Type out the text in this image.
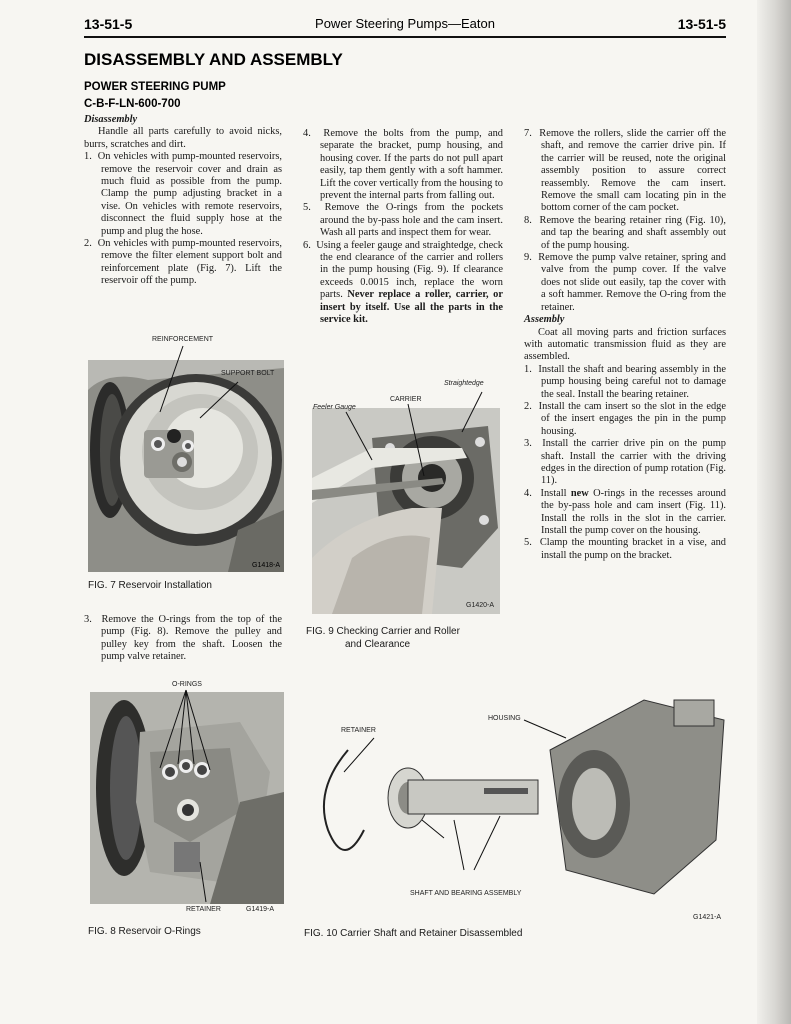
13-51-5	Power Steering Pumps—Eaton	13-51-5
DISASSEMBLY AND ASSEMBLY
POWER STEERING PUMP
C-B-F-LN-600-700

Disassembly

Handle all parts carefully to avoid nicks, burrs, scratches and dirt.

1.  On vehicles with pump-mounted reservoirs, remove the reservoir cover and drain as much fluid as possible from the pump. Clamp the pump adjusting bracket in a vise. On vehicles with remote reservoirs, disconnect the fluid supply hose at the pump and plug the hose.

2.  On vehicles with pump-mounted reservoirs, remove the filter element support bolt and reinforcement plate (Fig. 7). Lift the reservoir off the pump.

REINFORCEMENT
SUPPORT BOLT
G1418-A
FIG. 7 Reservoir Installation

3.  Remove the O-rings from the top of the pump (Fig. 8). Remove the pulley and pulley key from the shaft. Loosen the pump valve retainer.

4.  Remove the bolts from the pump, and separate the bracket, pump housing, and housing cover. If the parts do not pull apart easily, tap them gently with a soft hammer. Lift the cover vertically from the housing to prevent the internal parts from falling out.

5.  Remove the O-rings from the pockets around the by-pass hole and the cam insert. Wash all parts and inspect them for wear.

6.  Using a feeler gauge and straightedge, check the end clearance of the carrier and rollers in the pump housing (Fig. 9). If clearance exceeds 0.0015 inch, replace the worn parts. Never replace a roller, carrier, or insert by itself. Use all the parts in the service kit.

Straightedge
CARRIER
Feeler Gauge
G1420-A
FIG. 9 Checking Carrier and Roller
and Clearance

7.  Remove the rollers, slide the carrier off the shaft, and remove the carrier drive pin. If the carrier will be reused, note the original assembly position to assure correct reassembly. Remove the cam insert. Remove the small cam locating pin in the bottom corner of the cam pocket.

8.  Remove the bearing retainer ring (Fig. 10), and tap the bearing and shaft assembly out of the pump housing.

9.  Remove the pump valve retainer, spring and valve from the pump cover. If the valve does not slide out easily, tap the cover with a soft hammer. Remove the O-ring from the retainer.

Assembly

Coat all moving parts and friction surfaces with automatic transmission fluid as they are assembled.

1.  Install the shaft and bearing assembly in the pump housing being careful not to damage the seal. Install the bearing retainer.

2.  Install the cam insert so the slot in the edge of the insert engages the pin in the pump housing.

3.  Install the carrier drive pin on the pump shaft. Install the carrier with the driving edges in the direction of pump rotation (Fig. 11).

4.  Install new O-rings in the recesses around the by-pass hole and cam insert (Fig. 11). Install the rolls in the slot in the carrier. Install the pump cover on the housing.

5.  Clamp the mounting bracket in a vise, and install the pump on the bracket.

O-RINGS
RETAINER	G1419-A
FIG. 8 Reservoir O-Rings
RETAINER
HOUSING
SHAFT AND BEARING ASSEMBLY
G1421-A
FIG. 10 Carrier Shaft and Retainer Disassembled
